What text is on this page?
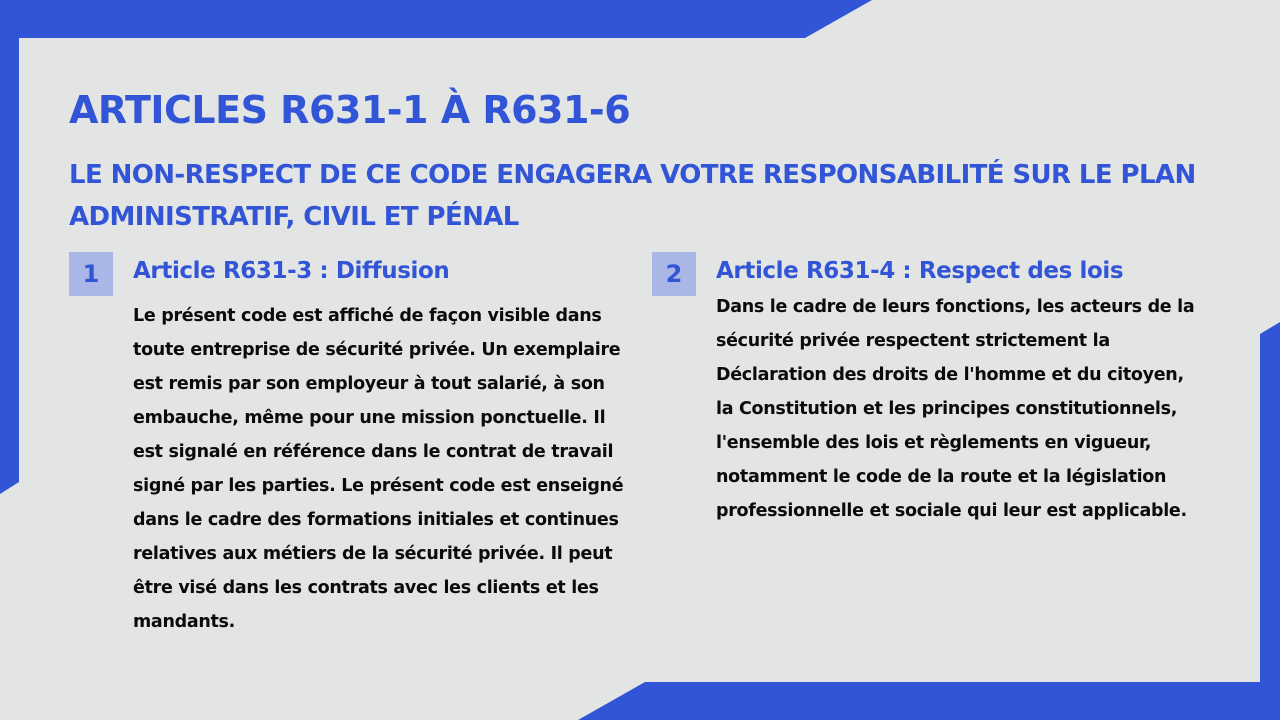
ARTICLES R631-1 À R631-6
LE NON-RESPECT DE CE CODE ENGAGERA VOTRE RESPONSABILITÉ SUR LE PLAN ADMINISTRATIF, CIVIL ET PÉNAL
1	Article R631-3 : Diffusion

Le présent code est affiché de façon visible dans toute entreprise de sécurité privée. Un exemplaire est remis par son employeur à tout salarié, à son embauche, même pour une mission ponctuelle. Il est signalé en référence dans le contrat de travail signé par les parties. Le présent code est enseigné dans le cadre des formations initiales et continues relatives aux métiers de la sécurité privée. Il peut être visé dans les contrats avec les clients et les mandants.

2	Article R631-4 : Respect des lois

Dans le cadre de leurs fonctions, les acteurs de la sécurité privée respectent strictement la Déclaration des droits de l'homme et du citoyen, la Constitution et les principes constitutionnels, l'ensemble des lois et règlements en vigueur, notamment le code de la route et la législation professionnelle et sociale qui leur est applicable.
